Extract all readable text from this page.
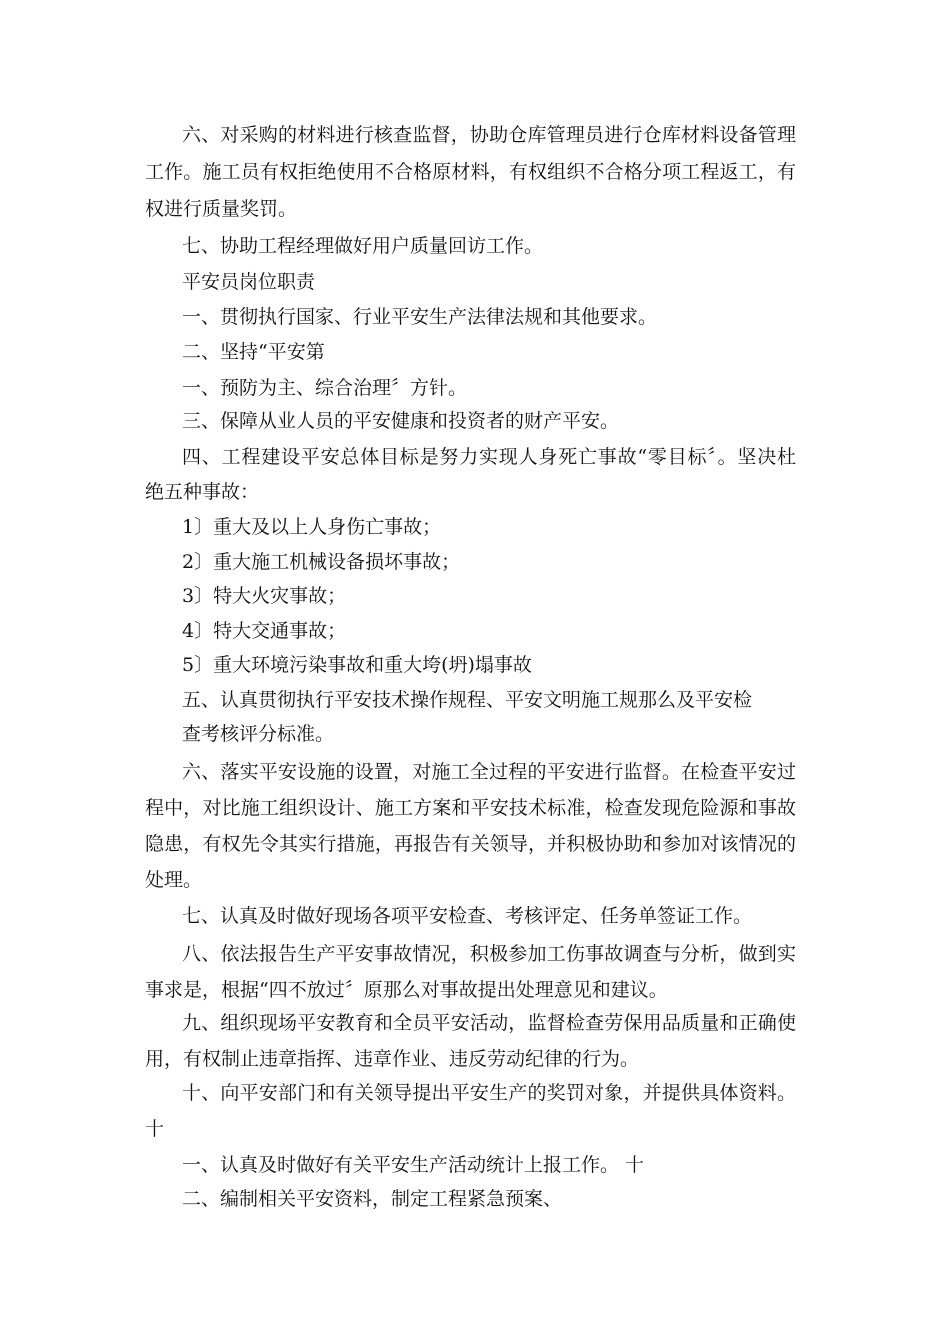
六、对采购的材料进行核查监督，协助仓库管理员进行仓库材料设备管理
工作。施工员有权拒绝使用不合格原材料，有权组织不合格分项工程返工，有
权进行质量奖罚。
七、协助工程经理做好用户质量回访工作。
平安员岗位职责
一、贯彻执行国家、行业平安生产法律法规和其他要求。
二、坚持“平安第
一、预防为主、综合治理〞方针。
三、保障从业人员的平安健康和投资者的财产平安。
四、工程建设平安总体目标是努力实现人身死亡事故“零目标〞。坚决杜
绝五种事故：
1〕重大及以上人身伤亡事故；
2〕重大施工机械设备损坏事故；
3〕特大火灾事故；
4〕特大交通事故；
5〕重大环境污染事故和重大垮(坍)塌事故
五、认真贯彻执行平安技术操作规程、平安文明施工规那么及平安检
查考核评分标准。
六、落实平安设施的设置，对施工全过程的平安进行监督。在检查平安过
程中，对比施工组织设计、施工方案和平安技术标准，检查发现危险源和事故
隐患，有权先令其实行措施，再报告有关领导，并积极协助和参加对该情况的
处理。
七、认真及时做好现场各项平安检查、考核评定、任务单签证工作。
八、依法报告生产平安事故情况，积极参加工伤事故调查与分析，做到实
事求是，根据“四不放过〞原那么对事故提出处理意见和建议。
九、组织现场平安教育和全员平安活动，监督检查劳保用品质量和正确使
用，有权制止违章指挥、违章作业、违反劳动纪律的行为。
十、向平安部门和有关领导提出平安生产的奖罚对象，并提供具体资料。
十
一、认真及时做好有关平安生产活动统计上报工作。 十
二、编制相关平安资料，制定工程紧急预案、
